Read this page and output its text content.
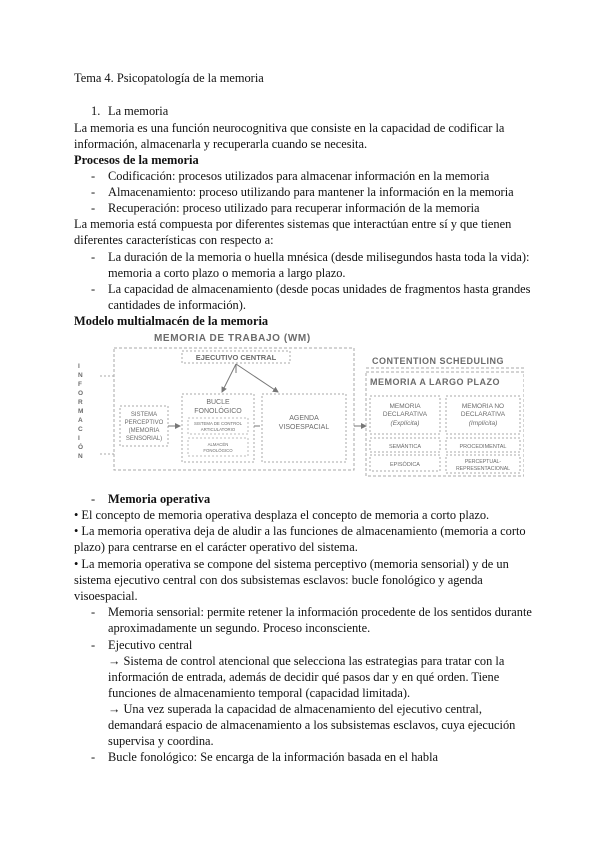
Tema 4. Psicopatología de la memoria
1. La memoria
La memoria es una función neurocognitiva que consiste en la capacidad de codificar la
información, almacenarla y recuperarla cuando se necesita.
Procesos de la memoria
- Codificación: procesos utilizados para almacenar información en la memoria
- Almacenamiento: proceso utilizando para mantener la información en la memoria
- Recuperación: proceso utilizado para recuperar información de la memoria
La memoria está compuesta por diferentes sistemas que interactúan entre sí y que tienen
diferentes características con respecto a:
- La duración de la memoria o huella mnésica (desde milisegundos hasta toda la vida):
memoria a corto plazo o memoria a largo plazo.
- La capacidad de almacenamiento (desde pocas unidades de fragmentos hasta grandes
cantidades de información).
Modelo multialmacén de la memoria
I
N
F
O
R
M
A
C
I
Ó
N
MEMORIA DE TRABAJO (WM)
EJECUTIVO CENTRAL
SISTEMA
PERCEPTIVO
(MEMORIA
SENSORIAL)
BUCLE
FONOLÓGICO
SISTEMA DE CONTROL
ARTICULATORIO
ALMACÉN
FONOLÓGICO
AGENDA
VISOESPACIAL
CONTENTION SCHEDULING
MEMORIA A LARGO PLAZO
MEMORIA
DECLARATIVA
(Explícita)
MEMORIA NO
DECLARATIVA
(Implícita)
SEMÁNTICA	PROCEDIMENTAL
EPISÓDICA	PERCEPTUAL-
REPRESENTACIONAL
- Memoria operativa
• El concepto de memoria operativa desplaza el concepto de memoria a corto plazo.
• La memoria operativa deja de aludir a las funciones de almacenamiento (memoria a corto
plazo) para centrarse en el carácter operativo del sistema.
• La memoria operativa se compone del sistema perceptivo (memoria sensorial) y de un
sistema ejecutivo central con dos subsistemas esclavos: bucle fonológico y agenda
visoespacial.
- Memoria sensorial: permite retener la información procedente de los sentidos durante
aproximadamente un segundo. Proceso inconsciente.
- Ejecutivo central
→ Sistema de control atencional que selecciona las estrategias para tratar con la
información de entrada, además de decidir qué pasos dar y en qué orden. Tiene
funciones de almacenamiento temporal (capacidad limitada).
→ Una vez superada la capacidad de almacenamiento del ejecutivo central,
demandará espacio de almacenamiento a los subsistemas esclavos, cuya ejecución
supervisa y coordina.
- Bucle fonológico: Se encarga de la información basada en el habla
